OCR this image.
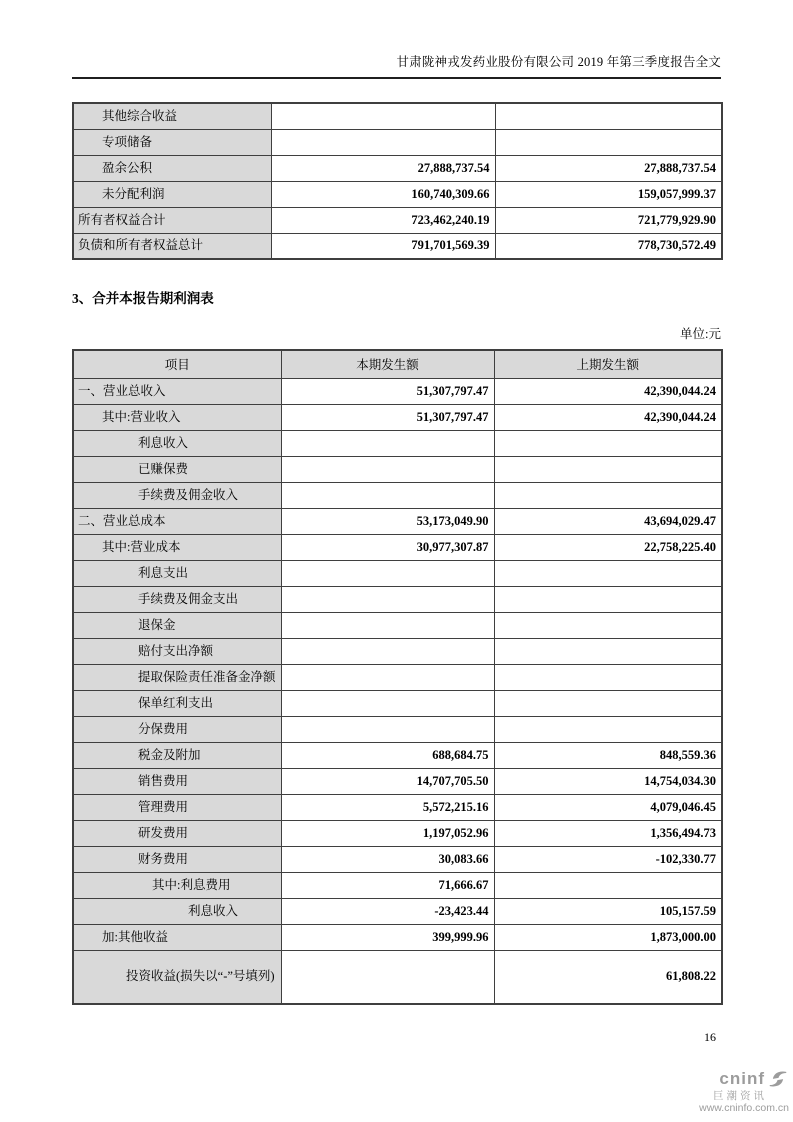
甘肃陇神戎发药业股份有限公司 2019 年第三季度报告全文
其他综合收益		
专项储备		
盈余公积	27,888,737.54	27,888,737.54
未分配利润	160,740,309.66	159,057,999.37
所有者权益合计	723,462,240.19	721,779,929.90
负债和所有者权益总计	791,701,569.39	778,730,572.49
3、合并本报告期利润表
单位:元
项目	本期发生额	上期发生额
一、营业总收入	51,307,797.47	42,390,044.24
其中:营业收入	51,307,797.47	42,390,044.24
利息收入		
已赚保费		
手续费及佣金收入		
二、营业总成本	53,173,049.90	43,694,029.47
其中:营业成本	30,977,307.87	22,758,225.40
利息支出		
手续费及佣金支出		
退保金		
赔付支出净额		
提取保险责任准备金净额		
保单红利支出		
分保费用		
税金及附加	688,684.75	848,559.36
销售费用	14,707,705.50	14,754,034.30
管理费用	5,572,215.16	4,079,046.45
研发费用	1,197,052.96	1,356,494.73
财务费用	30,083.66	-102,330.77
其中:利息费用	71,666.67	
利息收入	-23,423.44	105,157.59
加:其他收益	399,999.96	1,873,000.00
投资收益(损失以“-”号填列)		61,808.22
16
cninf
巨潮资讯
www.cninfo.com.cn
